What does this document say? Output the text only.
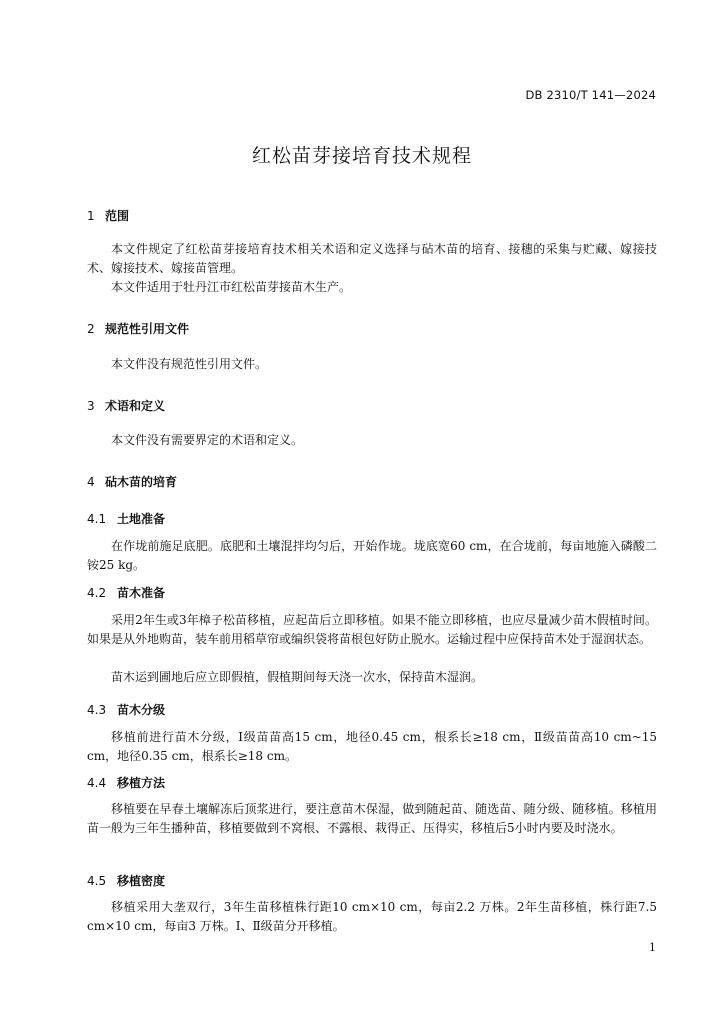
DB 2310/T 141—2024
红松苗芽接培育技术规程
1 范围
本文件规定了红松苗芽接培育技术相关术语和定义选择与砧木苗的培育、接穗的采集与贮藏、嫁接技术、嫁接技术、嫁接苗管理。
本文件适用于牡丹江市红松苗芽接苗木生产。
2 规范性引用文件
本文件没有规范性引用文件。
3 术语和定义
本文件没有需要界定的术语和定义。
4 砧木苗的培育
4.1 土地准备
在作垅前施足底肥。底肥和土壤混拌均匀后，开始作垅。垅底宽60 cm，在合垅前，每亩地施入磷酸二铵25 kg。
4.2 苗木准备
采用2年生或3年樟子松苗移植，应起苗后立即移植。如果不能立即移植，也应尽量减少苗木假植时间。如果是从外地购苗，装车前用稻草帘或编织袋将苗根包好防止脱水。运输过程中应保持苗木处于湿润状态。
苗木运到圃地后应立即假植，假植期间每天浇一次水，保持苗木湿润。
4.3 苗木分级
移植前进行苗木分级，Ⅰ级苗苗高15 cm，地径0.45 cm，根系长≥18 cm，Ⅱ级苗苗高10 cm~15 cm，地径0.35 cm，根系长≥18 cm。
4.4 移植方法
移植要在早春土壤解冻后顶浆进行，要注意苗木保湿，做到随起苗、随选苗、随分级、随移植。移植用苗一般为三年生播种苗，移植要做到不窝根、不露根、栽得正、压得实，移植后5小时内要及时浇水。
4.5 移植密度
移植采用大垄双行，3年生苗移植株行距10 cm×10 cm，每亩2.2 万株。2年生苗移植，株行距7.5 cm×10 cm，每亩3 万株。Ⅰ、Ⅱ级苗分开移植。
1
